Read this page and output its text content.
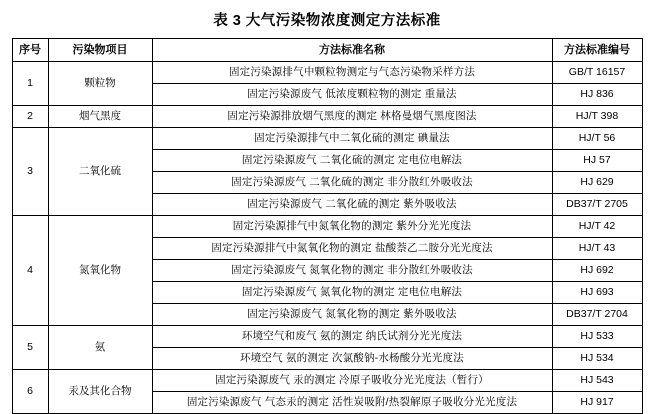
表 3 大气污染物浓度测定方法标准
序号	污染物项目	方法标准名称	方法标准编号
1	颗粒物	固定污染源排气中颗粒物测定与气态污染物采样方法	GB/T 16157
		固定污染源废气 低浓度颗粒物的测定 重量法	HJ 836
2	烟气黑度	固定污染源排放烟气黑度的测定 林格曼烟气黑度图法	HJ/T 398
3	二氧化硫	固定污染源排气中二氧化硫的测定 碘量法	HJ/T 56
		固定污染源废气 二氧化硫的测定 定电位电解法	HJ 57
		固定污染源废气 二氧化硫的测定 非分散红外吸收法	HJ 629
		固定污染源废气 二氧化硫的测定 紫外吸收法	DB37/T 2705
4	氮氧化物	固定污染源排气中氮氧化物的测定 紫外分光光度法	HJ/T 42
		固定污染源排气中氮氧化物的测定 盐酸萘乙二胺分光光度法	HJ/T 43
		固定污染源废气 氮氧化物的测定 非分散红外吸收法	HJ 692
		固定污染源废气 氮氧化物的测定 定电位电解法	HJ 693
		固定污染源废气 氮氧化物的测定 紫外吸收法	DB37/T 2704
5	氨	环境空气和废气 氨的测定 纳氏试剂分光光度法	HJ 533
		环境空气 氨的测定 次氯酸钠-水杨酸分光光度法	HJ 534
6	汞及其化合物	固定污染源废气 汞的测定 冷原子吸收分光光度法（暂行）	HJ 543
		固定污染源废气 气态汞的测定 活性炭吸附/热裂解原子吸收分光光度法	HJ 917
